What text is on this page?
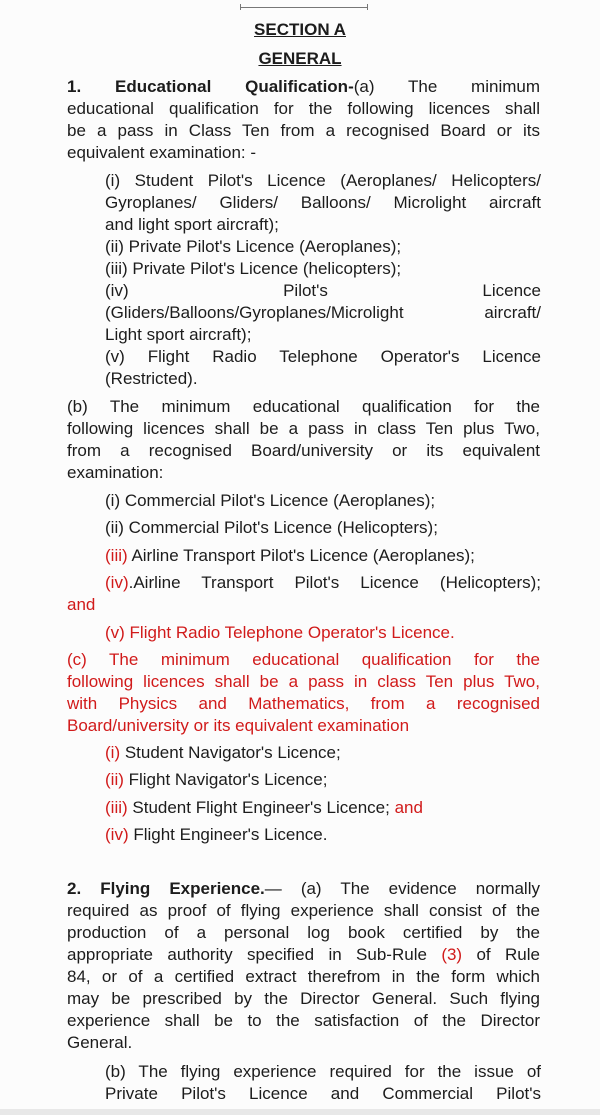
SECTION A
GENERAL
1. Educational Qualification-(a) The minimum
educational qualification for the following licences shall
be a pass in Class Ten from a recognised Board or its
equivalent examination: -
(i) Student Pilot's Licence (Aeroplanes/ Helicopters/
Gyroplanes/ Gliders/ Balloons/ Microlight aircraft
and light sport aircraft);
(ii) Private Pilot's Licence (Aeroplanes);
(iii) Private Pilot's Licence (helicopters);
(iv) Pilot's Licence
(Gliders/Balloons/Gyroplanes/Microlight aircraft/
Light sport aircraft);
(v) Flight Radio Telephone Operator's Licence
(Restricted).
(b) The minimum educational qualification for the
following licences shall be a pass in class Ten plus Two,
from a recognised Board/university or its equivalent
examination:
(i) Commercial Pilot's Licence (Aeroplanes);
(ii) Commercial Pilot's Licence (Helicopters);
(iii) Airline Transport Pilot's Licence (Aeroplanes);
(iv).Airline Transport Pilot's Licence (Helicopters);
and
(v) Flight Radio Telephone Operator's Licence.
(c) The minimum educational qualification for the
following licences shall be a pass in class Ten plus Two,
with Physics and Mathematics, from a recognised
Board/university or its equivalent examination
(i) Student Navigator's Licence;
(ii) Flight Navigator's Licence;
(iii) Student Flight Engineer's Licence; and
(iv) Flight Engineer's Licence.
2. Flying Experience.— (a) The evidence normally
required as proof of flying experience shall consist of the
production of a personal log book certified by the
appropriate authority specified in Sub-Rule (3) of Rule
84, or of a certified extract therefrom in the form which
may be prescribed by the Director General. Such flying
experience shall be to the satisfaction of the Director
General.
(b) The flying experience required for the issue of
Private Pilot's Licence and Commercial Pilot's
